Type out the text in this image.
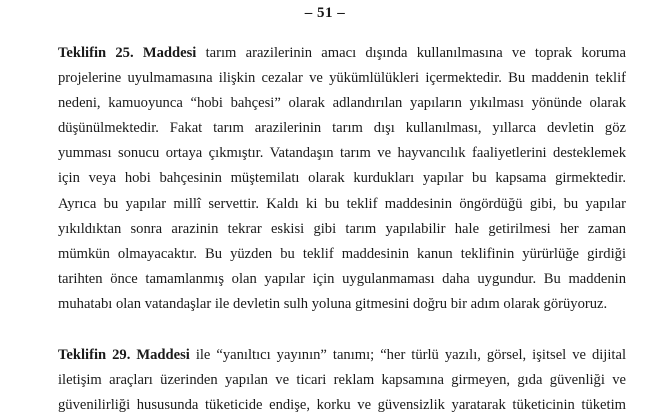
– 51 –

Teklifin 25. Maddesi tarım arazilerinin amacı dışında kullanılmasına ve toprak koruma
projelerine uyulmamasına ilişkin cezalar ve yükümlülükleri içermektedir. Bu maddenin teklif
nedeni, kamuoyunca “hobi bahçesi” olarak adlandırılan yapıların yıkılması yönünde olarak
düşünülmektedir. Fakat tarım arazilerinin tarım dışı kullanılması, yıllarca devletin göz
yumması sonucu ortaya çıkmıştır. Vatandaşın tarım ve hayvancılık faaliyetlerini desteklemek
için veya hobi bahçesinin müştemilatı olarak kurdukları yapılar bu kapsama girmektedir.
Ayrıca bu yapılar millî servettir. Kaldı ki bu teklif maddesinin öngördüğü gibi, bu yapılar
yıkıldıktan sonra arazinin tekrar eskisi gibi tarım yapılabilir hale getirilmesi her zaman
mümkün olmayacaktır. Bu yüzden bu teklif maddesinin kanun teklifinin yürürlüğe girdiği
tarihten önce tamamlanmış olan yapılar için uygulanmaması daha uygundur. Bu maddenin
muhatabı olan vatandaşlar ile devletin sulh yoluna gitmesini doğru bir adım olarak görüyoruz.

Teklifin 29. Maddesi ile “yanıltıcı yayının” tanımı; “her türlü yazılı, görsel, işitsel ve dijital
iletişim araçları üzerinden yapılan ve ticari reklam kapsamına girmeyen, gıda güvenliği ve
güvenilirliği hususunda tüketicide endişe, korku ve güvensizlik yaratarak tüketicinin tüketim
